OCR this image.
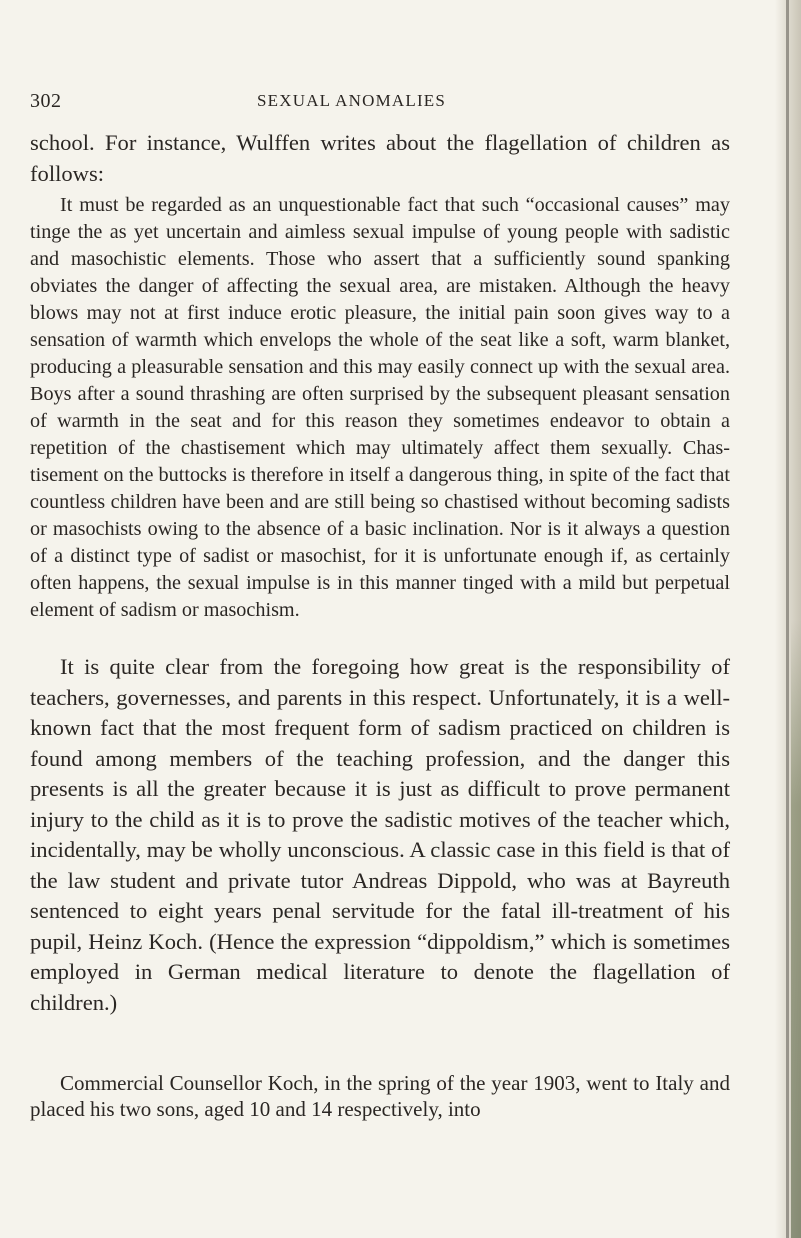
302	SEXUAL ANOMALIES

school. For instance, Wulffen writes about the flagellation of children as follows:

It must be regarded as an unquestionable fact that such “occasional causes” may tinge the as yet uncertain and aimless sexual impulse of young people with sadistic and masochistic elements. Those who assert that a sufficiently sound spanking obviates the danger of affecting the sexual area, are mistaken. Although the heavy blows may not at first induce erotic pleasure, the initial pain soon gives way to a sensation of warmth which envelops the whole of the seat like a soft, warm blanket, producing a pleasurable sensation and this may easily connect up with the sexual area. Boys after a sound thrashing are often surprised by the subsequent pleasant sensation of warmth in the seat and for this reason they sometimes endeavor to obtain a repetition of the chastisement which may ultimately affect them sexually. Chastisement on the buttocks is therefore in itself a dangerous thing, in spite of the fact that countless children have been and are still being so chastised without becoming sadists or masochists owing to the absence of a basic inclination. Nor is it always a question of a distinct type of sadist or masochist, for it is unfortunate enough if, as certainly often happens, the sexual impulse is in this manner tinged with a mild but perpetual element of sadism or masochism.

It is quite clear from the foregoing how great is the responsibility of teachers, governesses, and parents in this respect. Unfortunately, it is a well-known fact that the most frequent form of sadism practiced on children is found among members of the teaching profession, and the danger this presents is all the greater because it is just as difficult to prove permanent injury to the child as it is to prove the sadistic motives of the teacher which, incidentally, may be wholly unconscious. A classic case in this field is that of the law student and private tutor Andreas Dippold, who was at Bayreuth sentenced to eight years penal servitude for the fatal ill-treatment of his pupil, Heinz Koch. (Hence the expression “dippoldism,” which is sometimes employed in German medical literature to denote the flagellation of children.)

Commercial Counsellor Koch, in the spring of the year 1903, went to Italy and placed his two sons, aged 10 and 14 respectively, into
